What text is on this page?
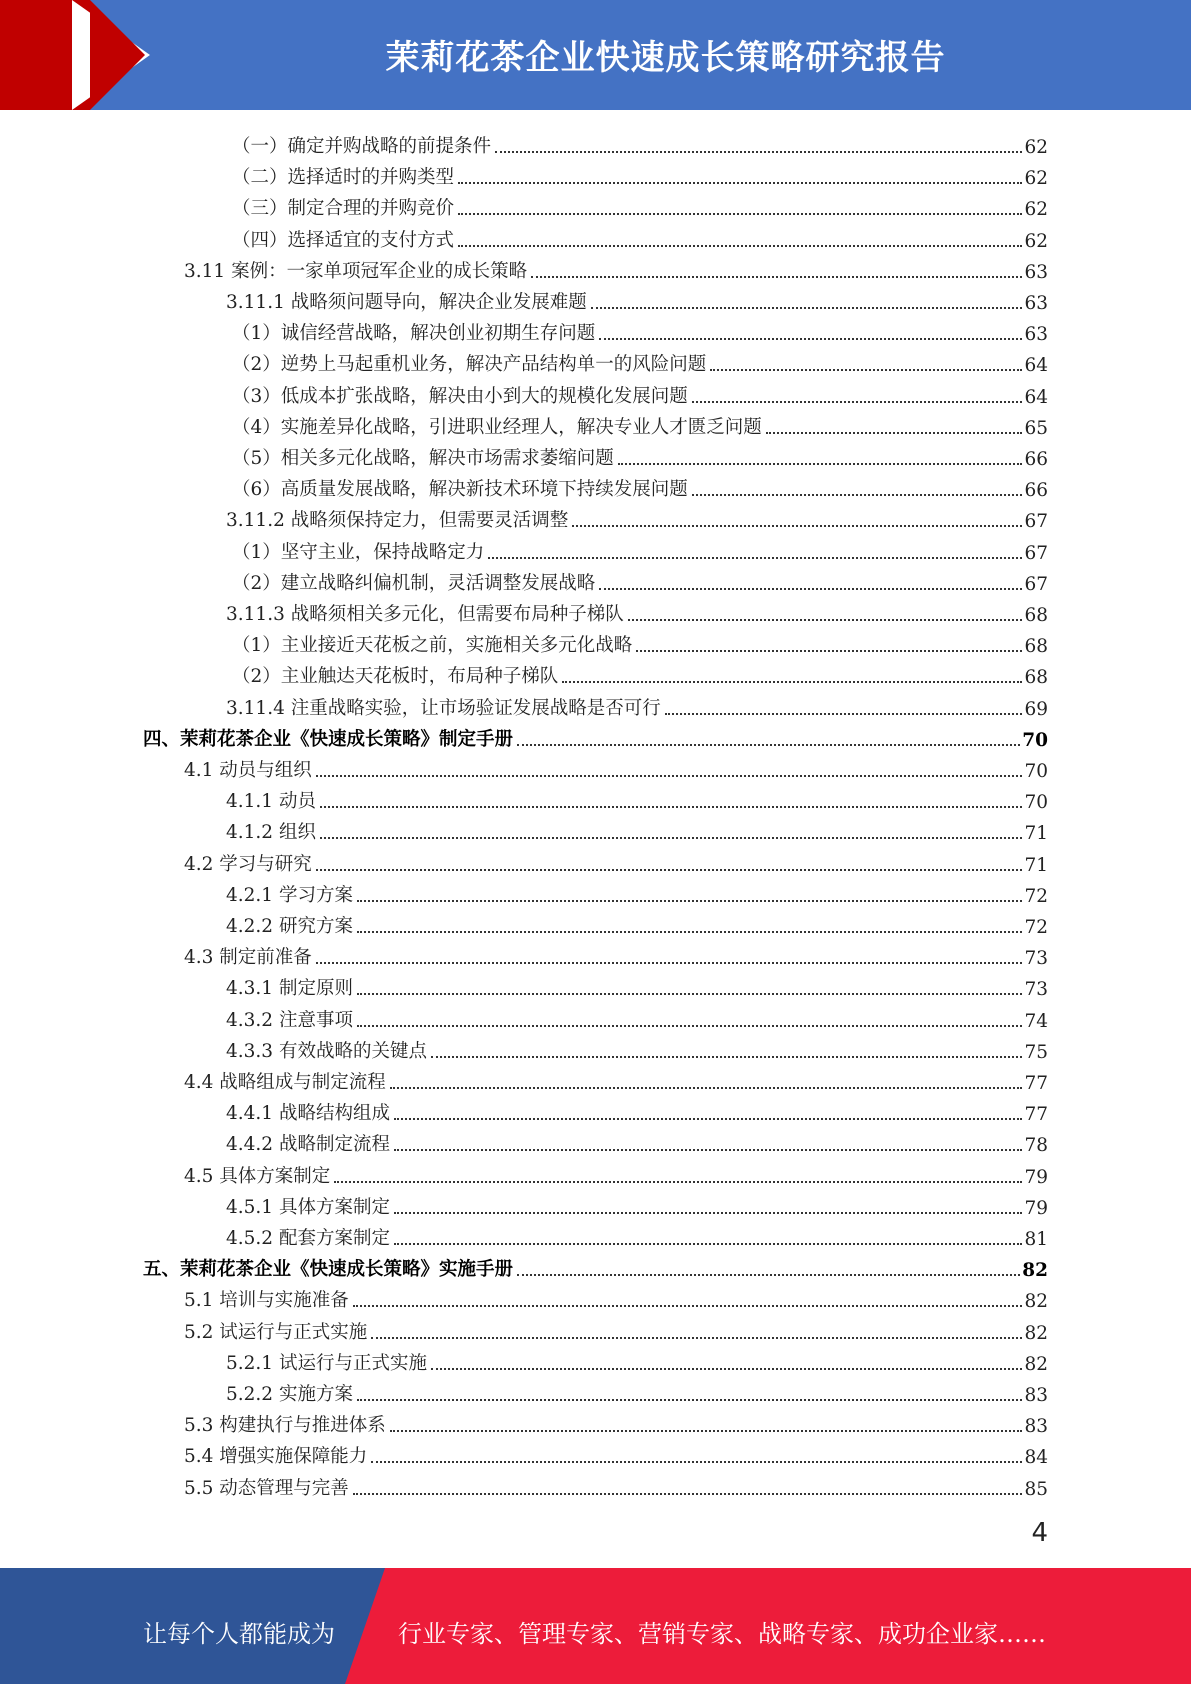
茉莉花茶企业快速成长策略研究报告
（一）确定并购战略的前提条件	62
（二）选择适时的并购类型	62
（三）制定合理的并购竞价	62
（四）选择适宜的支付方式	62
3.11 案例：一家单项冠军企业的成长策略	63
3.11.1 战略须问题导向，解决企业发展难题	63
（1）诚信经营战略，解决创业初期生存问题	63
（2）逆势上马起重机业务，解决产品结构单一的风险问题	64
（3）低成本扩张战略，解决由小到大的规模化发展问题	64
（4）实施差异化战略，引进职业经理人，解决专业人才匮乏问题	65
（5）相关多元化战略，解决市场需求萎缩问题	66
（6）高质量发展战略，解决新技术环境下持续发展问题	66
3.11.2 战略须保持定力，但需要灵活调整	67
（1）坚守主业，保持战略定力	67
（2）建立战略纠偏机制，灵活调整发展战略	67
3.11.3 战略须相关多元化，但需要布局种子梯队	68
（1）主业接近天花板之前，实施相关多元化战略	68
（2）主业触达天花板时，布局种子梯队	68
3.11.4 注重战略实验，让市场验证发展战略是否可行	69
四、茉莉花茶企业《快速成长策略》制定手册	70
4.1 动员与组织	70
4.1.1 动员	70
4.1.2 组织	71
4.2 学习与研究	71
4.2.1 学习方案	72
4.2.2 研究方案	72
4.3 制定前准备	73
4.3.1 制定原则	73
4.3.2 注意事项	74
4.3.3 有效战略的关键点	75
4.4 战略组成与制定流程	77
4.4.1 战略结构组成	77
4.4.2 战略制定流程	78
4.5 具体方案制定	79
4.5.1 具体方案制定	79
4.5.2 配套方案制定	81
五、茉莉花茶企业《快速成长策略》实施手册	82
5.1 培训与实施准备	82
5.2 试运行与正式实施	82
5.2.1 试运行与正式实施	82
5.2.2 实施方案	83
5.3 构建执行与推进体系	83
5.4 增强实施保障能力	84
5.5 动态管理与完善	85
4
让每个人都能成为	行业专家、管理专家、营销专家、战略专家、成功企业家……
